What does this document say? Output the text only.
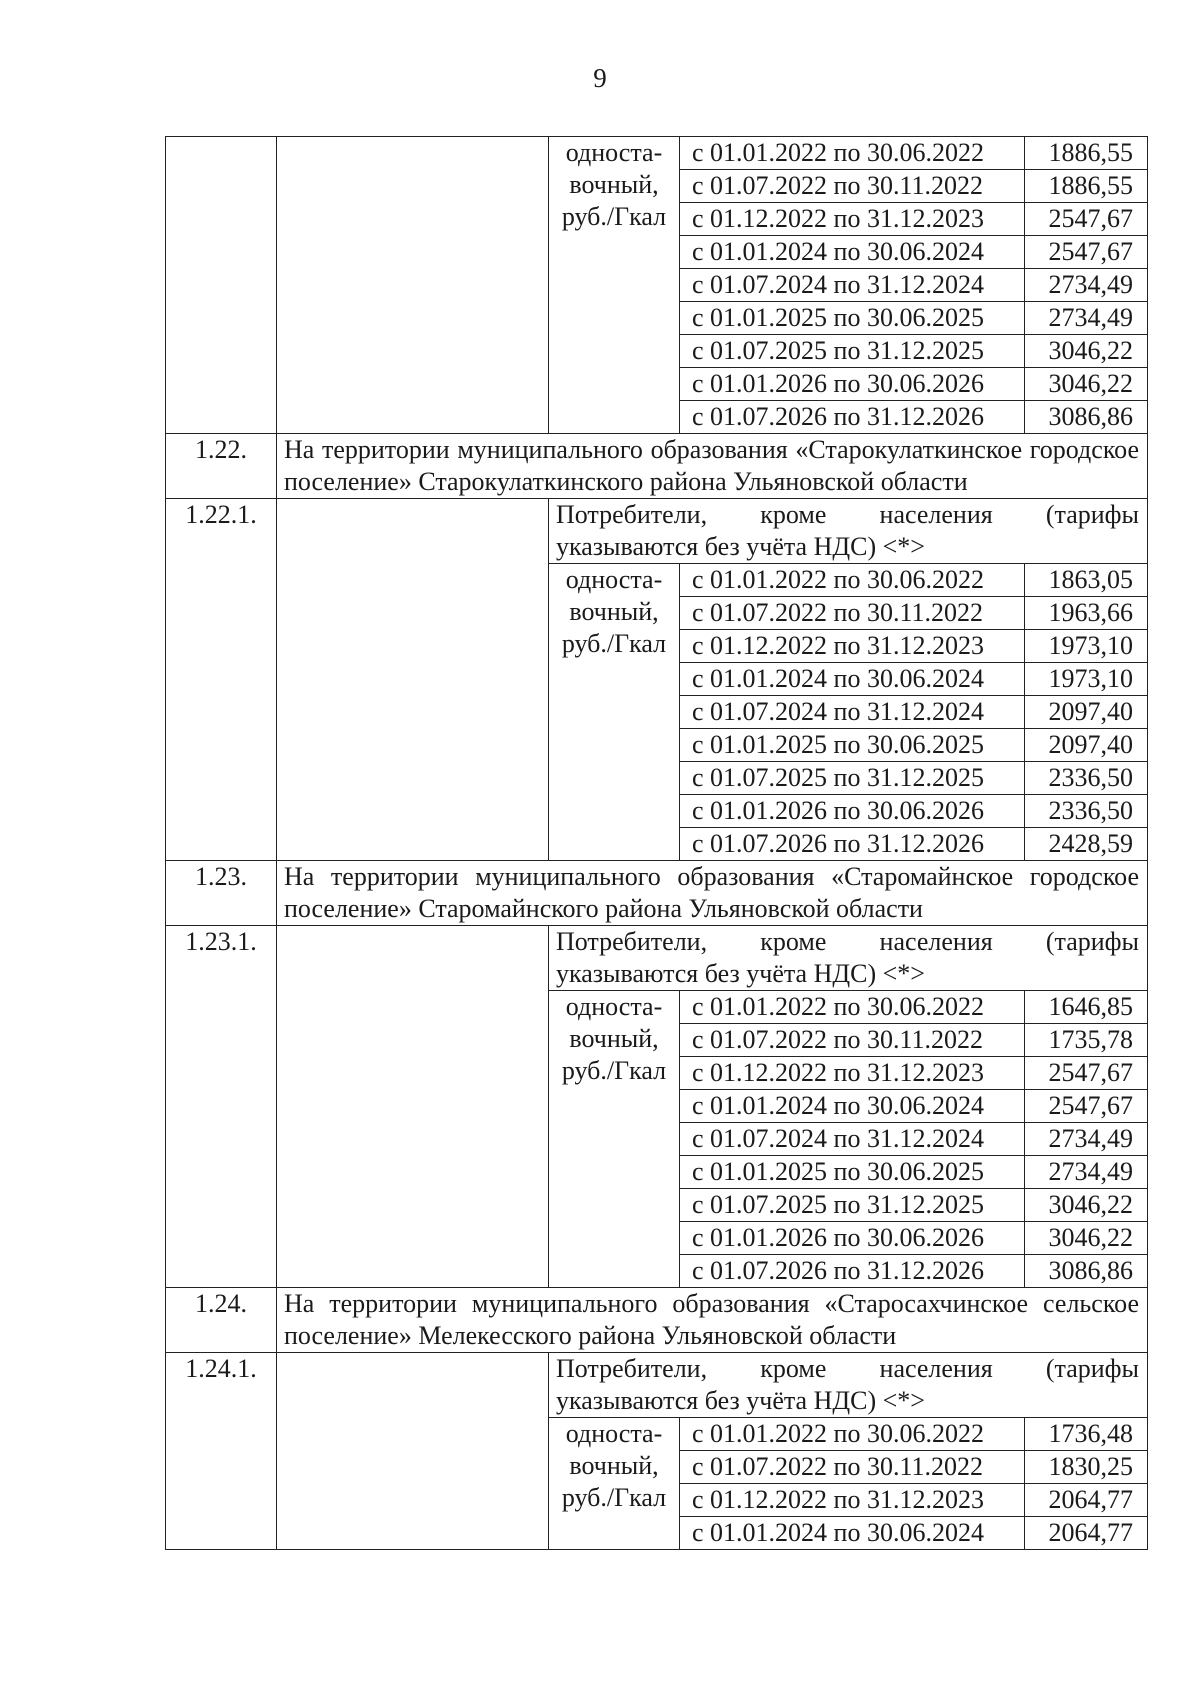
9
		односта-вочный, руб./Гкал	с 01.01.2022 по 30.06.2022	1886,55
			с 01.07.2022 по 30.11.2022	1886,55
			с 01.12.2022 по 31.12.2023	2547,67
			с 01.01.2024 по 30.06.2024	2547,67
			с 01.07.2024 по 31.12.2024	2734,49
			с 01.01.2025 по 30.06.2025	2734,49
			с 01.07.2025 по 31.12.2025	3046,22
			с 01.01.2026 по 30.06.2026	3046,22
			с 01.07.2026 по 31.12.2026	3086,86
1.22.	На территории муниципального образования «Старокулаткинское городское поселение» Старокулаткинского района Ульяновской области			
1.22.1.		Потребители, кроме населения (тарифы указываются без учёта НДС) <*>		
		односта-вочный, руб./Гкал	с 01.01.2022 по 30.06.2022	1863,05
			с 01.07.2022 по 30.11.2022	1963,66
			с 01.12.2022 по 31.12.2023	1973,10
			с 01.01.2024 по 30.06.2024	1973,10
			с 01.07.2024 по 31.12.2024	2097,40
			с 01.01.2025 по 30.06.2025	2097,40
			с 01.07.2025 по 31.12.2025	2336,50
			с 01.01.2026 по 30.06.2026	2336,50
			с 01.07.2026 по 31.12.2026	2428,59
1.23.	На территории муниципального образования «Старомайнское городское поселение» Старомайнского района Ульяновской области			
1.23.1.		Потребители, кроме населения (тарифы указываются без учёта НДС) <*>		
		односта-вочный, руб./Гкал	с 01.01.2022 по 30.06.2022	1646,85
			с 01.07.2022 по 30.11.2022	1735,78
			с 01.12.2022 по 31.12.2023	2547,67
			с 01.01.2024 по 30.06.2024	2547,67
			с 01.07.2024 по 31.12.2024	2734,49
			с 01.01.2025 по 30.06.2025	2734,49
			с 01.07.2025 по 31.12.2025	3046,22
			с 01.01.2026 по 30.06.2026	3046,22
			с 01.07.2026 по 31.12.2026	3086,86
1.24.	На территории муниципального образования «Старосахчинское сельское поселение» Мелекесского района Ульяновской области			
1.24.1.		Потребители, кроме населения (тарифы указываются без учёта НДС) <*>		
		односта-вочный, руб./Гкал	с 01.01.2022 по 30.06.2022	1736,48
			с 01.07.2022 по 30.11.2022	1830,25
			с 01.12.2022 по 31.12.2023	2064,77
			с 01.01.2024 по 30.06.2024	2064,77
